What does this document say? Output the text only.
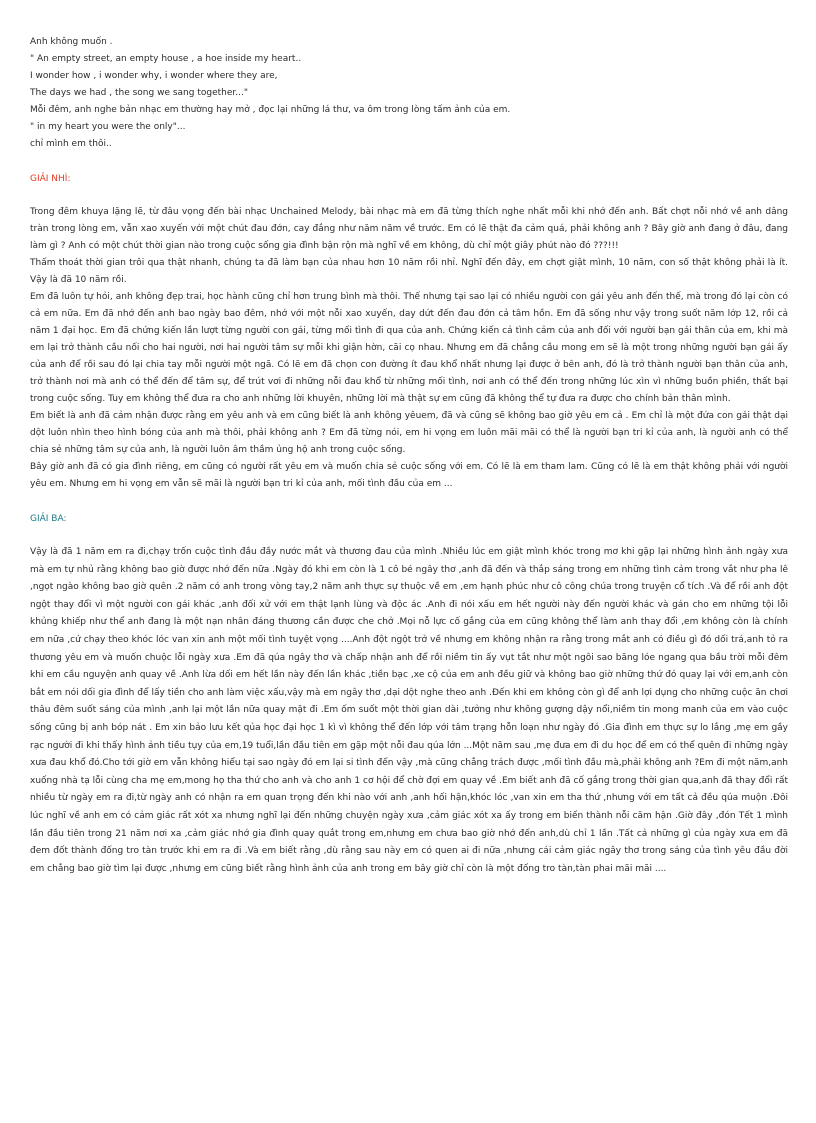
Anh không muốn .
" An empty street, an empty house , a hoe inside my heart..
I wonder how , i wonder why, i wonder where they are,
The days we had , the song we sang together..."
Mỗi đêm, anh nghe bản nhạc em thường hay mở , đọc lại những lá thư, va ôm trong lòng tấm ảnh của em.
" in my heart you were the only"...
chỉ mình em thôi..
GIẢI NHÌ:

Trong đêm khuya lặng lẽ, từ đâu vọng đến bài nhạc Unchained Melody, bài nhạc mà em đã từng thích nghe nhất mỗi khi nhớ đến anh. Bất chợt nỗi nhớ về anh dâng tràn trong lòng em, vẫn xao xuyến với một chút đau đớn, cay đắng như năm năm về trước. Em có lẽ thật đa cảm quá, phải không anh ? Bây giờ anh đang ở đâu, đang làm gì ? Anh có một chút thời gian nào trong cuộc sống gia đình bận rộn mà nghĩ về em không, dù chỉ một giây phút nào đó ???!!!

Thấm thoát thời gian trôi qua thật nhanh, chúng ta đã làm bạn của nhau hơn 10 năm rồi nhỉ. Nghĩ đến đây, em chợt giật mình, 10 năm, con số thật không phải là ít. Vậy là đã 10 năm rồi.

Em đã luôn tự hỏi, anh không đẹp trai, học hành cũng chỉ hơn trung bình mà thôi. Thế nhưng tại sao lại có nhiều người con gái yêu anh đến thế, mà trong đó lại còn có cả em nữa. Em đã nhớ đến anh bao ngày bao đêm, nhớ với một nỗi xao xuyến, day dứt đến đau đớn cả tâm hồn. Em đã sống như vậy trong suốt năm lớp 12, rồi cả năm 1 đại học. Em đã chứng kiến lần lượt từng người con gái, từng mối tình đi qua của anh. Chứng kiến cả tình cảm của anh đối với người bạn gái thân của em, khi mà em lại trở thành cầu nối cho hai người, nơi hai người tâm sự mỗi khi giận hờn, cãi cọ nhau. Nhưng em đã chẳng cầu mong em sẽ là một trong những người bạn gái ấy của anh để rồi sau đó lại chia tay mỗi người một ngã. Có lẽ em đã chọn con đường ít đau khổ nhất nhưng lại được ở bên anh, đó là trở thành người bạn thân của anh, trở thành nơi mà anh có thể đến để tâm sự, để trút vơi đi những nỗi đau khổ từ những mối tình, nơi anh có thể đến trong những lúc xìn vì những buồn phiền, thất bại trong cuộc sống. Tuy em không thể đưa ra cho anh những lời khuyên, những lời mà thật sự em cũng đã không thể tự đưa ra được cho chính bản thân mình.

Em biết là anh đã cảm nhận được rằng em yêu anh và em cũng biết là anh không yêuem, đã và cũng sẽ không bao giờ yêu em cả . Em chỉ là một đứa con gái thật dại dột luôn nhìn theo hình bóng của anh mà thôi, phải không anh ? Em đã từng nói, em hi vọng em luôn mãi mãi có thể là người bạn tri kỉ của anh, là người anh có thể chia sẻ những tâm sự của anh, là người luôn âm thầm ủng hộ anh trong cuộc sống.

Bây giờ anh đã có gia đình riêng, em cũng có người rất yêu em và muốn chia sẻ cuộc sống với em. Có lẽ là em tham lam. Cũng có lẽ là em thật không phải với người yêu em. Nhưng em hi vọng em vẫn sẽ mãi là người bạn tri kỉ của anh, mối tình đầu của em ...

GIẢI BA:

Vậy là đã 1 năm em ra đi,chạy trốn cuộc tình đầu đầy nước mắt và thương đau của mình .Nhiều lúc em giật mình khóc trong mơ khi gặp lại những hình ảnh ngày xưa mà em tự nhủ rằng không bao giờ được nhớ đến nữa .Ngày đó khi em còn là 1 cô bé ngây thơ ,anh đã đến và thắp sáng trong em những tình cảm trong vắt như pha lê ,ngọt ngào không bao giờ quên .2 năm có anh trong vòng tay,2 năm anh thực sự thuộc về em ,em hạnh phúc như cô công chúa trong truyện cổ tích .Và để rồi anh đột ngột thay đổi vì một người con gái khác ,anh đối xử với em thật lạnh lùng và độc ác .Anh đi nói xấu em hết người này đến người khác và gán cho em những tội lỗi khủng khiếp như thể anh đang là một nạn nhân đáng thương cần được che chở .Mọi nỗ lực cố gắng của em cũng không thể làm anh thay đổi ,em không còn là chính em nữa ,cứ chạy theo khóc lóc van xin anh một mối tình tuyệt vọng ....Anh đột ngột trở về nhưng em không nhận ra rằng trong mắt anh có điều gì đó dối trá,anh tỏ ra thương yêu em và muốn chuộc lỗi ngày xưa .Em đã qúa ngây thơ và chấp nhận anh để rồi niềm tin ấy vụt tắt như một ngôi sao băng lóe ngang qua bầu trời mỗi đêm khi em cầu nguyện anh quay về .Anh lừa dối em hết lần này đến lần khác ,tiền bạc ,xe cộ của em anh đều giữ và không bao giờ những thứ đó quay lại với em,anh còn bắt em nói dối gia đình để lấy tiền cho anh làm việc xấu,vậy mà em ngây thơ ,dại dột nghe theo anh .Đến khi em không còn gì để anh lợi dụng cho những cuộc ăn chơi thâu đêm suốt sáng của mình ,anh lại một lần nữa quay mặt đi .Em ốm suốt một thời gian dài ,tưởng như không gượng dậy nổi,niềm tin mong manh của em vào cuộc sống cũng bị anh bóp nát . Em xin bảo lưu kết qủa học đại học 1 kì vì không thể đến lớp với tâm trạng hỗn loạn như ngày đó .Gia đình em thực sự lo lắng ,mẹ em gầy rạc người đi khi thấy hình ảnh tiều tụy của em,19 tuổi,lần đầu tiên em gặp một nỗi đau qúa lớn ...Một năm sau ,mẹ đưa em đi du học để em có thể quên đi những ngày xưa đau khổ đó.Cho tới giờ em vẫn không hiểu tại sao ngày đó em lại si tình đến vậy ,mà cũng chẳng trách được ,mối tình đầu mà,phải không anh ?Em đi một năm,anh xuống nhà tạ lỗi cùng cha mẹ em,mong họ tha thứ cho anh và cho anh 1 cơ hội để chờ đợi em quay về .Em biết anh đã cố gắng trong thời gian qua,anh đã thay đổi rất nhiều từ ngày em ra đi,từ ngày anh có nhận ra em quan trọng đến khi nào với anh ,anh hối hận,khóc lóc ,van xin em tha thứ ,nhưng với em tất cả đều qúa muộn .Đôi lúc nghĩ về anh em có cảm giác rất xót xa nhưng nghĩ lại đến những chuyện ngày xưa ,cảm giác xót xa ấy trong em biến thành nỗi căm hận .Giờ đây ,đón Tết 1 mình lần đầu tiên trong 21 năm nơi xa ,cảm giác nhớ gia đình quay quắt trong em,nhưng em chưa bao giờ nhớ đến anh,dù chỉ 1 lần .Tất cả những gì của ngày xưa em đã đem đốt thành đống tro tàn trước khi em ra đi .Và em biết rằng ,dù rằng sau này em có quen ai đi nữa ,nhưng cái cảm giác ngây thơ trong sáng của tình yêu đầu đời em chẳng bao giờ tìm lại được ,nhưng em cũng biết rằng hình ảnh của anh trong em bây giờ chỉ còn là một đống tro tàn,tàn phai mãi mãi ....
